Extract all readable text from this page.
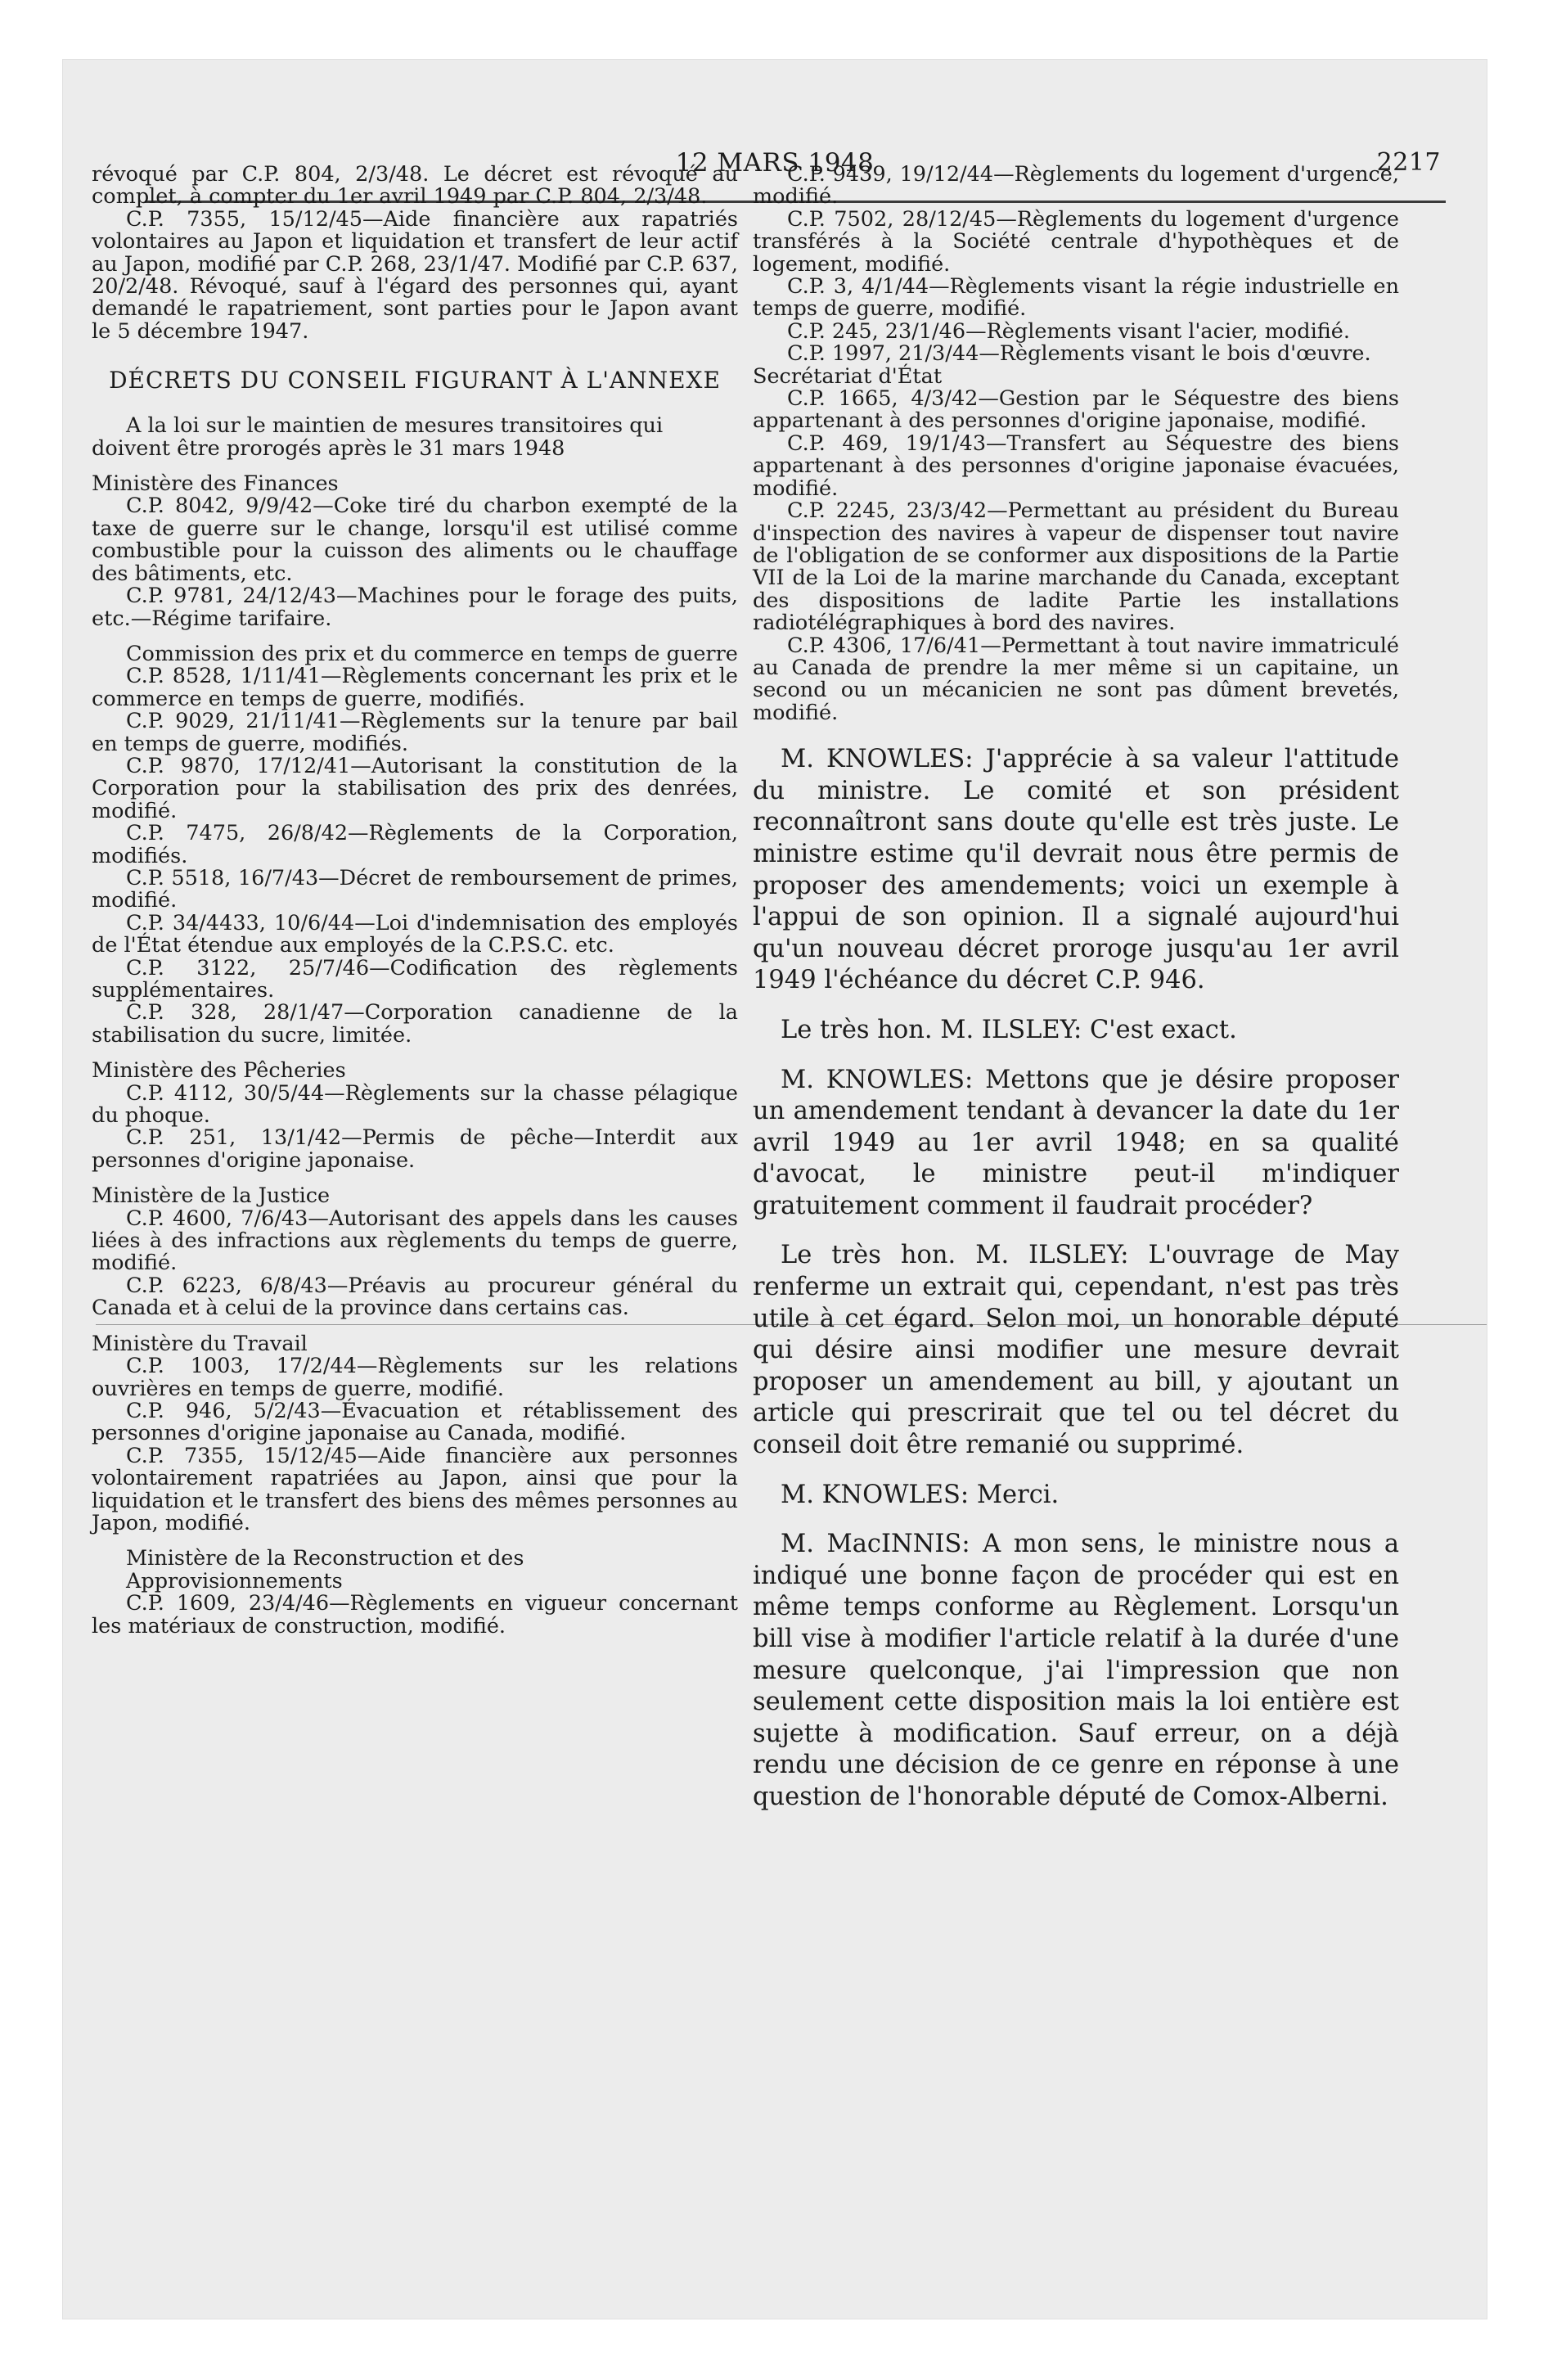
12 MARS 1948	2217

révoqué par C.P. 804, 2/3/48. Le décret est révoqué au complet, à compter du 1er avril 1949 par C.P. 804, 2/3/48.

C.P. 7355, 15/12/45—Aide financière aux rapatriés volontaires au Japon et liquidation et transfert de leur actif au Japon, modifié par C.P. 268, 23/1/47. Modifié par C.P. 637, 20/2/48. Révoqué, sauf à l'égard des personnes qui, ayant demandé le rapatriement, sont parties pour le Japon avant le 5 décembre 1947.

DÉCRETS DU CONSEIL FIGURANT À L'ANNEXE

A la loi sur le maintien de mesures transitoires qui doivent être prorogés après le 31 mars 1948

Ministère des Finances

C.P. 8042, 9/9/42—Coke tiré du charbon exempté de la taxe de guerre sur le change, lorsqu'il est utilisé comme combustible pour la cuisson des aliments ou le chauffage des bâtiments, etc.

C.P. 9781, 24/12/43—Machines pour le forage des puits, etc.—Régime tarifaire.

Commission des prix et du commerce en temps de guerre

C.P. 8528, 1/11/41—Règlements concernant les prix et le commerce en temps de guerre, modifiés.

C.P. 9029, 21/11/41—Règlements sur la tenure par bail en temps de guerre, modifiés.

C.P. 9870, 17/12/41—Autorisant la constitution de la Corporation pour la stabilisation des prix des denrées, modifié.

C.P. 7475, 26/8/42—Règlements de la Corporation, modifiés.

C.P. 5518, 16/7/43—Décret de remboursement de primes, modifié.

C.P. 34/4433, 10/6/44—Loi d'indemnisation des employés de l'État étendue aux employés de la C.P.S.C. etc.

C.P. 3122, 25/7/46—Codification des règlements supplémentaires.

C.P. 328, 28/1/47—Corporation canadienne de la stabilisation du sucre, limitée.

Ministère des Pêcheries

C.P. 4112, 30/5/44—Règlements sur la chasse pélagique du phoque.

C.P. 251, 13/1/42—Permis de pêche—Interdit aux personnes d'origine japonaise.

Ministère de la Justice

C.P. 4600, 7/6/43—Autorisant des appels dans les causes liées à des infractions aux règlements du temps de guerre, modifié.

C.P. 6223, 6/8/43—Préavis au procureur général du Canada et à celui de la province dans certains cas.

Ministère du Travail

C.P. 1003, 17/2/44—Règlements sur les relations ouvrières en temps de guerre, modifié.

C.P. 946, 5/2/43—Évacuation et rétablissement des personnes d'origine japonaise au Canada, modifié.

C.P. 7355, 15/12/45—Aide financière aux personnes volontairement rapatriées au Japon, ainsi que pour la liquidation et le transfert des biens des mêmes personnes au Japon, modifié.

Ministère de la Reconstruction et des Approvisionnements

C.P. 1609, 23/4/46—Règlements en vigueur concernant les matériaux de construction, modifié.

C.P. 9439, 19/12/44—Règlements du logement d'urgence, modifié.

C.P. 7502, 28/12/45—Règlements du logement d'urgence transférés à la Société centrale d'hypothèques et de logement, modifié.

C.P. 3, 4/1/44—Règlements visant la régie industrielle en temps de guerre, modifié.

C.P. 245, 23/1/46—Règlements visant l'acier, modifié.

C.P. 1997, 21/3/44—Règlements visant le bois d'œuvre.

Secrétariat d'État

C.P. 1665, 4/3/42—Gestion par le Séquestre des biens appartenant à des personnes d'origine japonaise, modifié.

C.P. 469, 19/1/43—Transfert au Séquestre des biens appartenant à des personnes d'origine japonaise évacuées, modifié.

C.P. 2245, 23/3/42—Permettant au président du Bureau d'inspection des navires à vapeur de dispenser tout navire de l'obligation de se conformer aux dispositions de la Partie VII de la Loi de la marine marchande du Canada, exceptant des dispositions de ladite Partie les installations radiotélégraphiques à bord des navires.

C.P. 4306, 17/6/41—Permettant à tout navire immatriculé au Canada de prendre la mer même si un capitaine, un second ou un mécanicien ne sont pas dûment brevetés, modifié.

M. KNOWLES: J'apprécie à sa valeur l'attitude du ministre. Le comité et son président reconnaîtront sans doute qu'elle est très juste. Le ministre estime qu'il devrait nous être permis de proposer des amendements; voici un exemple à l'appui de son opinion. Il a signalé aujourd'hui qu'un nouveau décret proroge jusqu'au 1er avril 1949 l'échéance du décret C.P. 946.

Le très hon. M. ILSLEY: C'est exact.

M. KNOWLES: Mettons que je désire proposer un amendement tendant à devancer la date du 1er avril 1949 au 1er avril 1948; en sa qualité d'avocat, le ministre peut-il m'indiquer gratuitement comment il faudrait procéder?

Le très hon. M. ILSLEY: L'ouvrage de May renferme un extrait qui, cependant, n'est pas très utile à cet égard. Selon moi, un honorable député qui désire ainsi modifier une mesure devrait proposer un amendement au bill, y ajoutant un article qui prescrirait que tel ou tel décret du conseil doit être remanié ou supprimé.

M. KNOWLES: Merci.

M. MacINNIS: A mon sens, le ministre nous a indiqué une bonne façon de procéder qui est en même temps conforme au Règlement. Lorsqu'un bill vise à modifier l'article relatif à la durée d'une mesure quelconque, j'ai l'impression que non seulement cette disposition mais la loi entière est sujette à modification. Sauf erreur, on a déjà rendu une décision de ce genre en réponse à une question de l'honorable député de Comox-Alberni.
